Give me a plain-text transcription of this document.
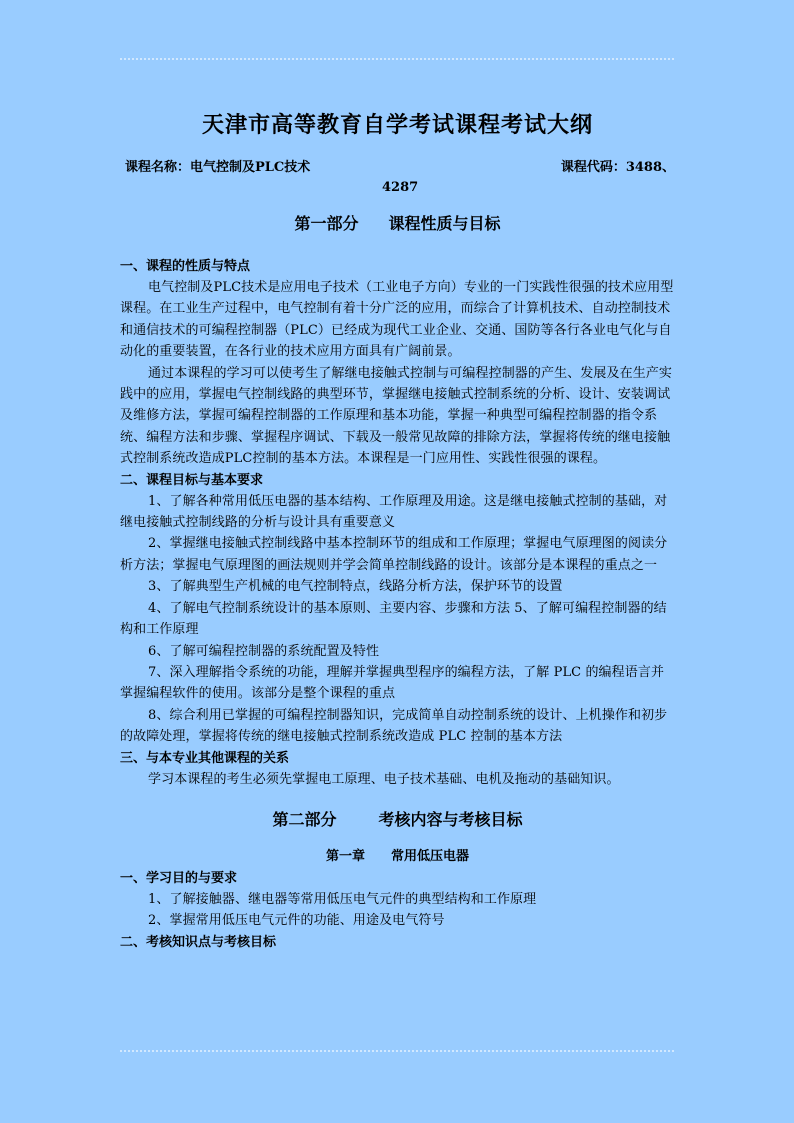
天津市高等教育自学考试课程考试大纲
课程名称：电气控制及PLC技术	课程代码：3488、
4287
第一部分 课程性质与目标

一、课程的性质与特点

电气控制及PLC技术是应用电子技术（工业电子方向）专业的一门实践性很强的技术应用型课程。在工业生产过程中，电气控制有着十分广泛的应用，而综合了计算机技术、自动控制技术和通信技术的可编程控制器（PLC）已经成为现代工业企业、交通、国防等各行各业电气化与自动化的重要装置，在各行业的技术应用方面具有广阔前景。

通过本课程的学习可以使考生了解继电接触式控制与可编程控制器的产生、发展及在生产实践中的应用，掌握电气控制线路的典型环节，掌握继电接触式控制系统的分析、设计、安装调试及维修方法，掌握可编程控制器的工作原理和基本功能，掌握一种典型可编程控制器的指令系统、编程方法和步骤、掌握程序调试、下载及一般常见故障的排除方法，掌握将传统的继电接触式控制系统改造成PLC控制的基本方法。本课程是一门应用性、实践性很强的课程。

二、课程目标与基本要求

1、了解各种常用低压电器的基本结构、工作原理及用途。这是继电接触式控制的基础，对继电接触式控制线路的分析与设计具有重要意义

2、掌握继电接触式控制线路中基本控制环节的组成和工作原理；掌握电气原理图的阅读分析方法；掌握电气原理图的画法规则并学会简单控制线路的设计。该部分是本课程的重点之一

3、了解典型生产机械的电气控制特点，线路分析方法，保护环节的设置

4、了解电气控制系统设计的基本原则、主要内容、步骤和方法 5、了解可编程控制器的结构和工作原理

6、了解可编程控制器的系统配置及特性

7、深入理解指令系统的功能，理解并掌握典型程序的编程方法，了解 PLC 的编程语言并掌握编程软件的使用。该部分是整个课程的重点

8、综合利用已掌握的可编程控制器知识，完成简单自动控制系统的设计、上机操作和初步的故障处理，掌握将传统的继电接触式控制系统改造成 PLC 控制的基本方法

三、与本专业其他课程的关系

学习本课程的考生必须先掌握电工原理、电子技术基础、电机及拖动的基础知识。

第二部分	考核内容与考核目标

第一章 常用低压电器

一、学习目的与要求

1、了解接触器、继电器等常用低压电气元件的典型结构和工作原理

2、掌握常用低压电气元件的功能、用途及电气符号

二、考核知识点与考核目标
